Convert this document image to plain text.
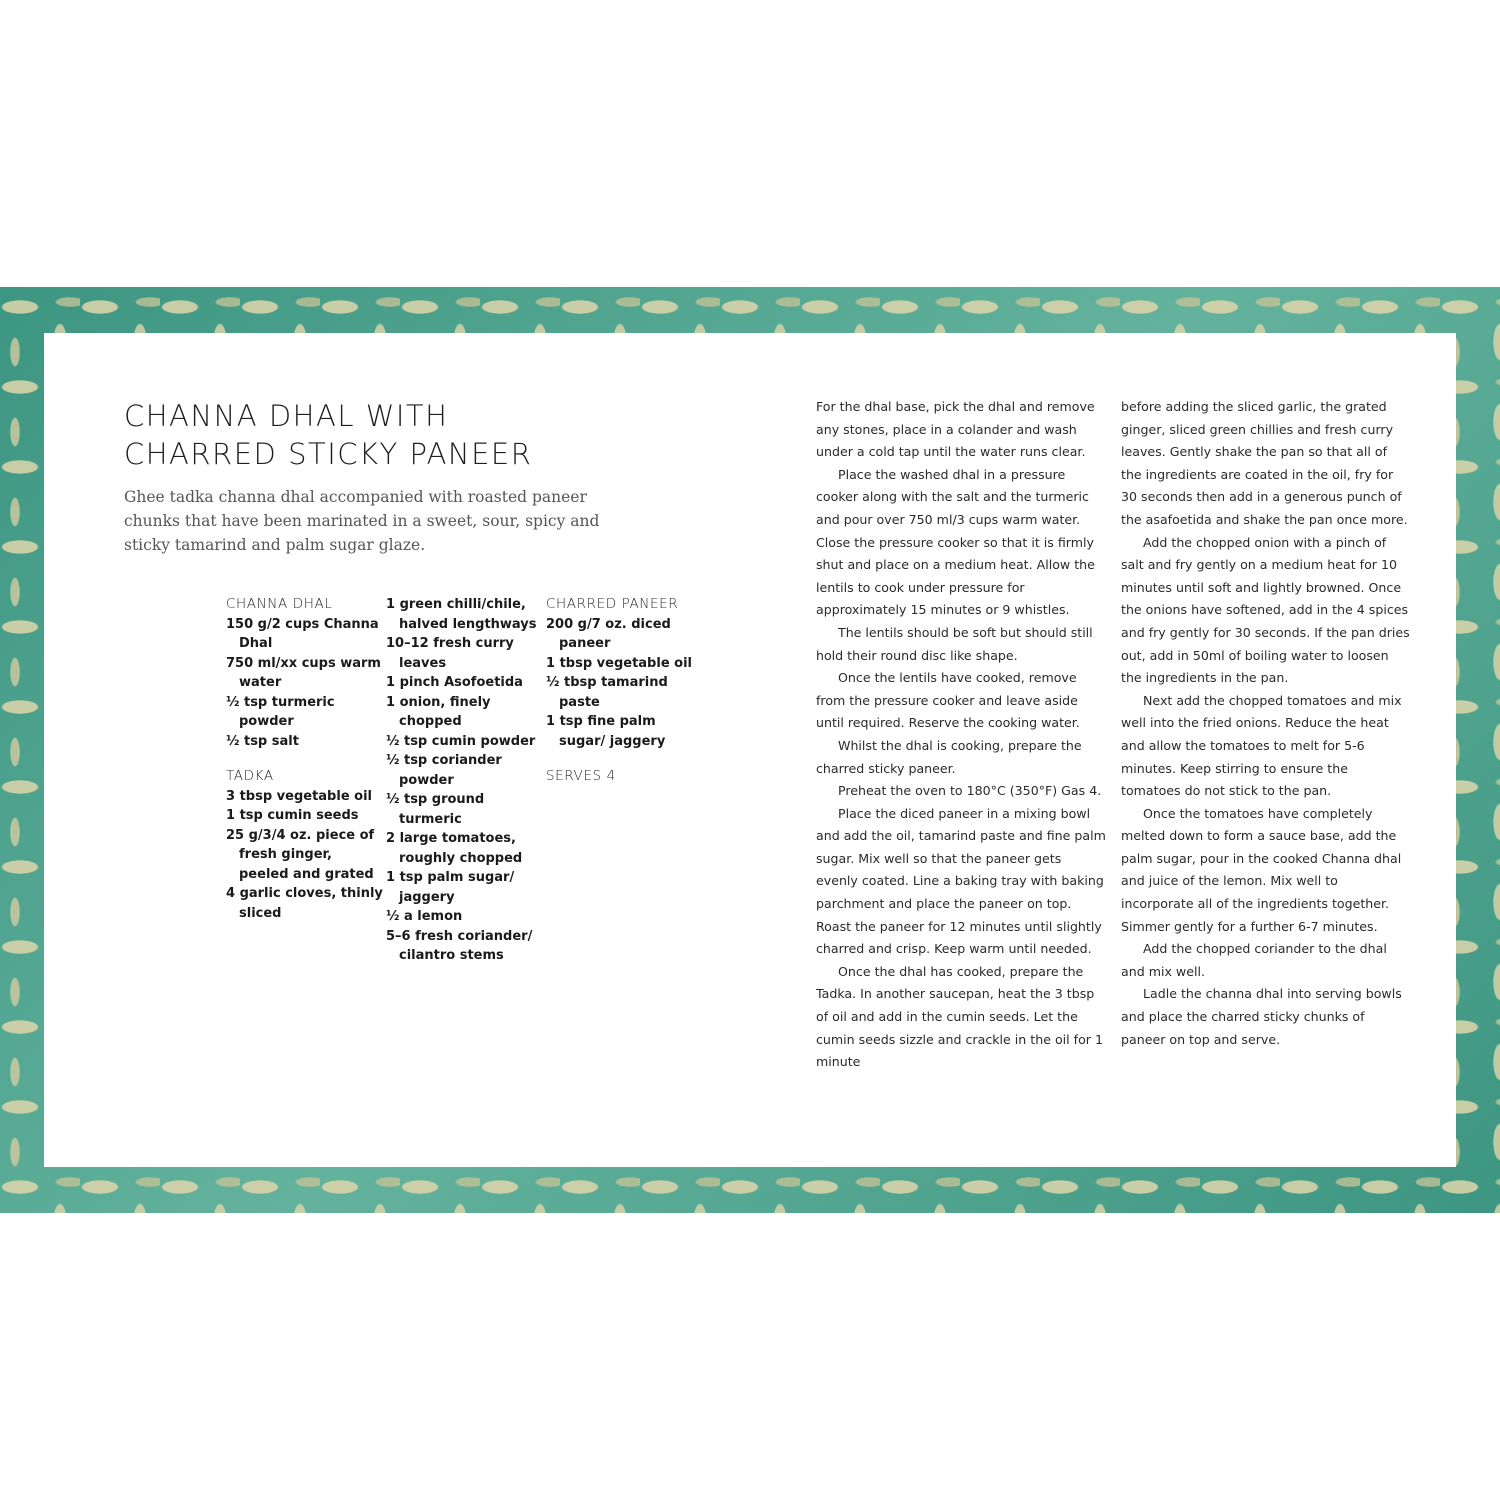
CHANNA DHAL WITH
CHARRED STICKY PANEER

Ghee tadka channa dhal accompanied with roasted paneer chunks that have been marinated in a sweet, sour, spicy and sticky tamarind and palm sugar glaze.

CHANNA DHAL
150 g/2 cups Channa Dhal
750 ml/xx cups warm water
½ tsp turmeric powder
½ tsp salt
TADKA
3 tbsp vegetable oil
1 tsp cumin seeds
25 g/3/4 oz. piece of fresh ginger, peeled and grated
4 garlic cloves, thinly sliced
1 green chilli/chile, halved lengthways
10–12 fresh curry leaves
1 pinch Asofoetida
1 onion, finely chopped
½ tsp cumin powder
½ tsp coriander powder
½ tsp ground turmeric
2 large tomatoes, roughly chopped
1 tsp palm sugar/ jaggery
½ a lemon
5–6 fresh coriander/ cilantro stems
CHARRED PANEER
200 g/7 oz. diced paneer
1 tbsp vegetable oil
½ tbsp tamarind paste
1 tsp fine palm sugar/ jaggery
SERVES 4

For the dhal base, pick the dhal and remove any stones, place in a colander and wash under a cold tap until the water runs clear.

Place the washed dhal in a pressure cooker along with the salt and the turmeric and pour over 750 ml/3 cups warm water. Close the pressure cooker so that it is firmly shut and place on a medium heat. Allow the lentils to cook under pressure for approximately 15 minutes or 9 whistles.

The lentils should be soft but should still hold their round disc like shape.

Once the lentils have cooked, remove from the pressure cooker and leave aside until required. Reserve the cooking water.

Whilst the dhal is cooking, prepare the charred sticky paneer.

Preheat the oven to 180°C (350°F) Gas 4.

Place the diced paneer in a mixing bowl and add the oil, tamarind paste and fine palm sugar. Mix well so that the paneer gets evenly coated. Line a baking tray with baking parchment and place the paneer on top. Roast the paneer for 12 minutes until slightly charred and crisp. Keep warm until needed.

Once the dhal has cooked, prepare the Tadka. In another saucepan, heat the 3 tbsp of oil and add in the cumin seeds. Let the cumin seeds sizzle and crackle in the oil for 1 minute

before adding the sliced garlic, the grated ginger, sliced green chillies and fresh curry leaves. Gently shake the pan so that all of the ingredients are coated in the oil, fry for 30 seconds then add in a generous punch of the asafoetida and shake the pan once more.

Add the chopped onion with a pinch of salt and fry gently on a medium heat for 10 minutes until soft and lightly browned. Once the onions have softened, add in the 4 spices and fry gently for 30 seconds. If the pan dries out, add in 50ml of boiling water to loosen the ingredients in the pan.

Next add the chopped tomatoes and mix well into the fried onions. Reduce the heat and allow the tomatoes to melt for 5-6 minutes. Keep stirring to ensure the tomatoes do not stick to the pan.

Once the tomatoes have completely melted down to form a sauce base, add the palm sugar, pour in the cooked Channa dhal and juice of the lemon. Mix well to incorporate all of the ingredients together. Simmer gently for a further 6-7 minutes.

Add the chopped coriander to the dhal and mix well.

Ladle the channa dhal into serving bowls and place the charred sticky chunks of paneer on top and serve.
